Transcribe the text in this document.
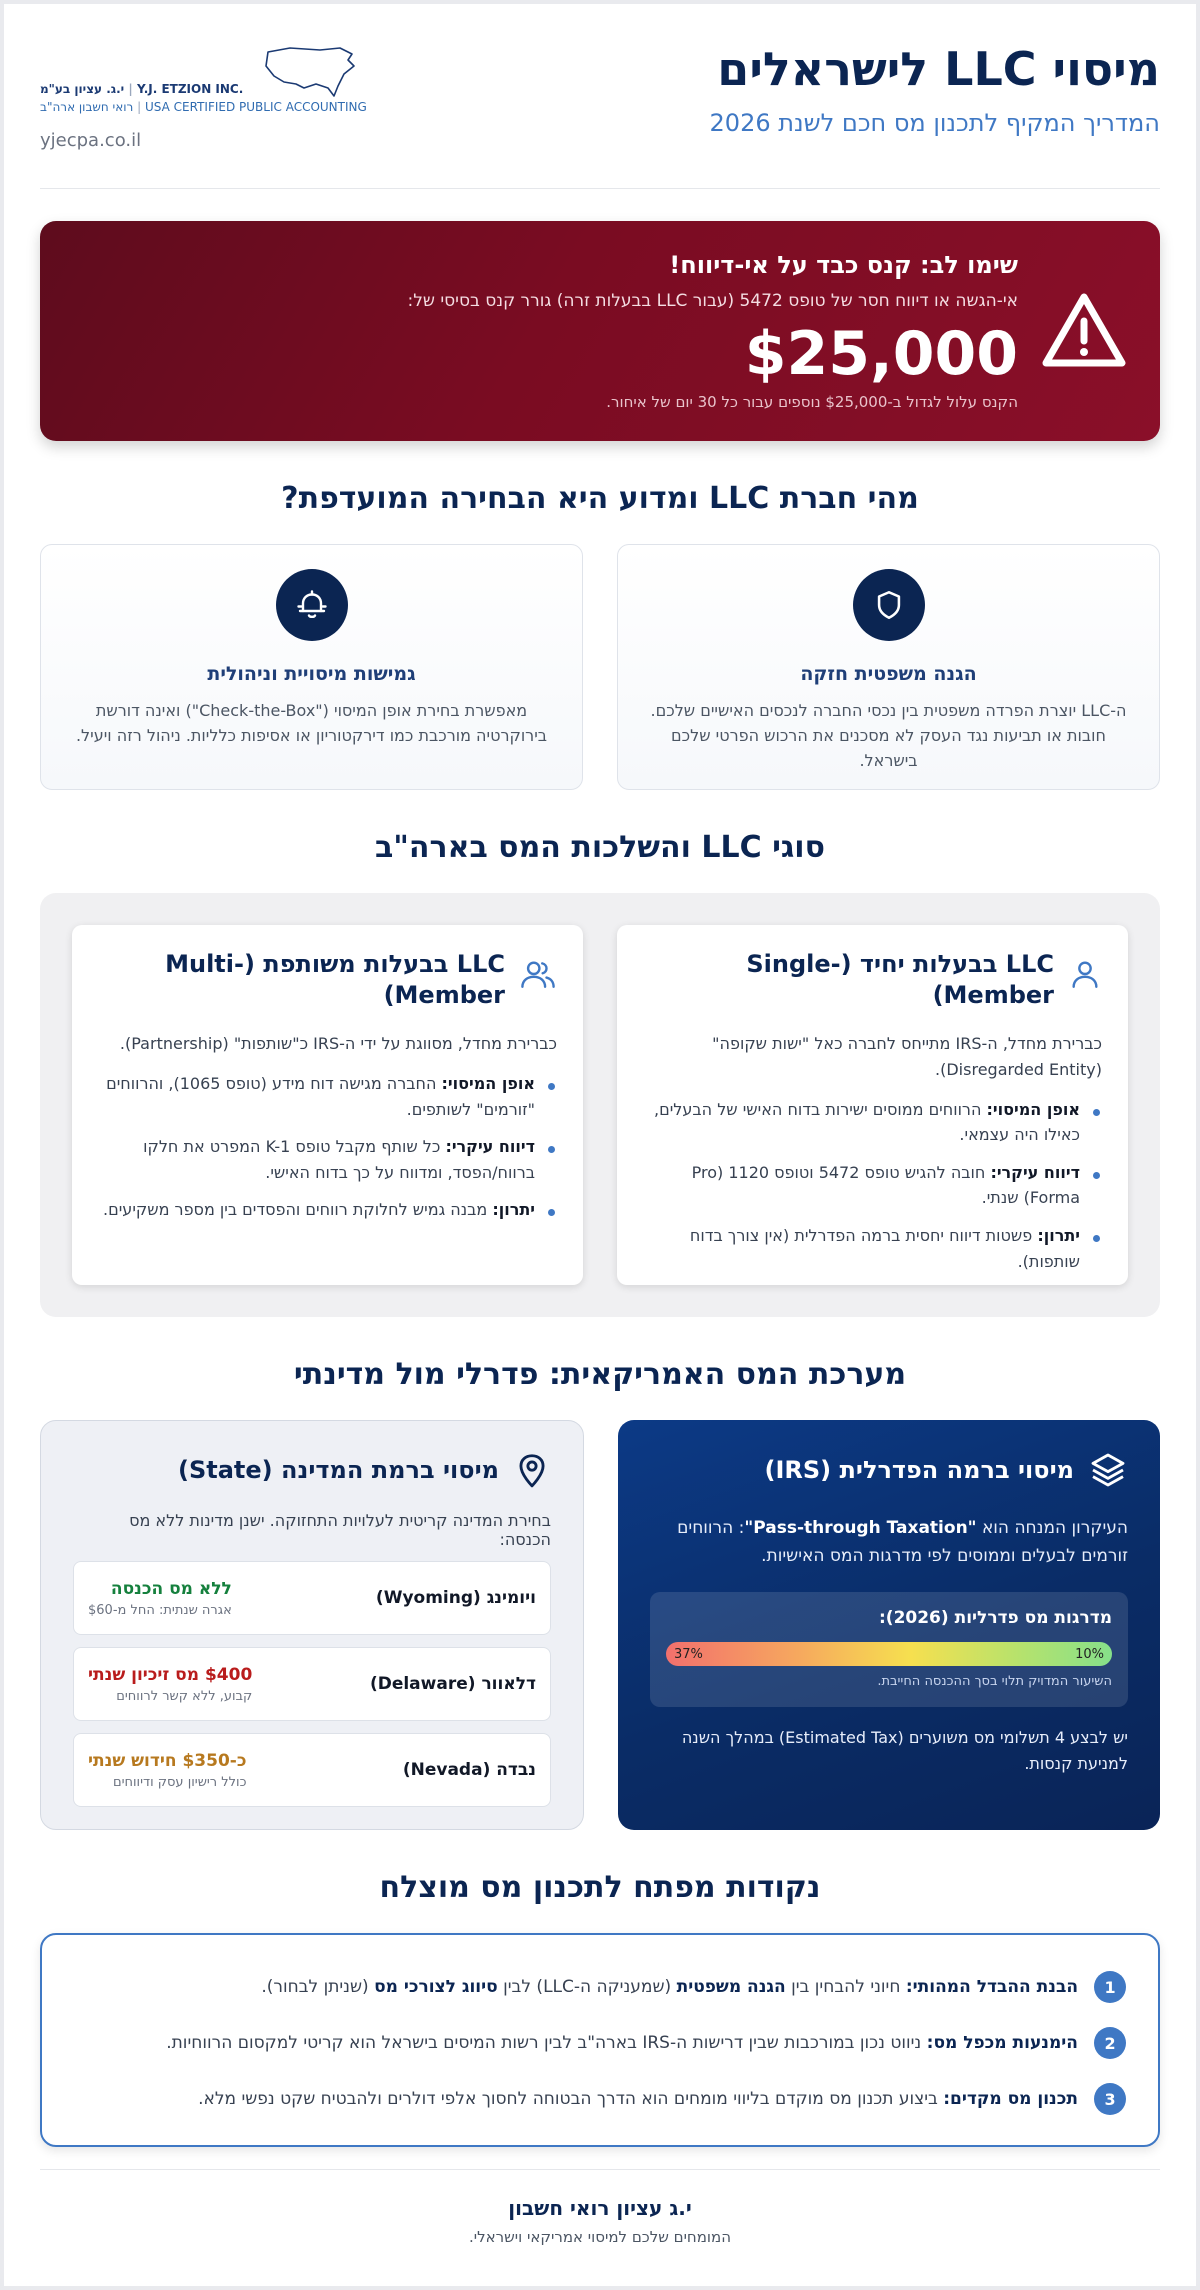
מיסוי LLC לישראלים
המדריך המקיף לתכנון מס חכם לשנת 2026
י.ג. עציון בע"מ | Y.J. ETZION INC.
רואי חשבון ארה"ב | USA CERTIFIED PUBLIC ACCOUNTING
yjecpa.co.il
שימו לב: קנס כבד על אי-דיווח!
אי-הגשה או דיווח חסר של טופס 5472 (עבור LLC בבעלות זרה) גורר קנס בסיסי של:
$25,000
הקנס עלול לגדול ב-$25,000 נוספים עבור כל 30 יום של איחור.
מהי חברת LLC ומדוע היא הבחירה המועדפת?
הגנה משפטית חזקה
ה-LLC יוצרת הפרדה משפטית בין נכסי החברה לנכסים האישיים שלכם. חובות או תביעות נגד העסק לא מסכנים את הרכוש הפרטי שלכם בישראל.
גמישות מיסויית וניהולית
מאפשרת בחירת אופן המיסוי ("Check-the-Box") ואינה דורשת בירוקרטיה מורכבת כמו דירקטוריון או אסיפות כלליות. ניהול רזה ויעיל.
סוגי LLC והשלכות המס בארה"ב
LLC בבעלות יחיד (Single-Member)
כברירת מחדל, ה-IRS מתייחס לחברה כאל "ישות שקופה" (Disregarded Entity).
אופן המיסוי: הרווחים ממוסים ישירות בדוח האישי של הבעלים, כאילו היה עצמאי.
דיווח עיקרי: חובה להגיש טופס 5472 וטופס 1120 (Pro Forma) שנתי.
יתרון: פשטות דיווח יחסית ברמה הפדרלית (אין צורך בדוח שותפות).
LLC בבעלות משותפת (Multi-Member)
כברירת מחדל, מסווגת על ידי ה-IRS כ"שותפות" (Partnership).
אופן המיסוי: החברה מגישה דוח מידע (טופס 1065), והרווחים "זורמים" לשותפים.
דיווח עיקרי: כל שותף מקבל טופס K-1 המפרט את חלקו ברווח/הפסד, ומדווח על כך בדוח האישי.
יתרון: מבנה גמיש לחלוקת רווחים והפסדים בין מספר משקיעים.
מערכת המס האמריקאית: פדרלי מול מדינתי
מיסוי ברמה הפדרלית (IRS)
העיקרון המנחה הוא "Pass-through Taxation": הרווחים זורמים לבעלים וממוסים לפי מדרגות המס האישיות.
מדרגות מס פדרליות (2026):
10%
37%
השיעור המדויק תלוי בסך ההכנסה החייבת.
יש לבצע 4 תשלומי מס משוערים (Estimated Tax) במהלך השנה למניעת קנסות.
מיסוי ברמת המדינה (State)
בחירת המדינה קריטית לעלויות התחזוקה. ישנן מדינות ללא מס הכנסה:
ויומינג (Wyoming)
ללא מס הכנסה
אגרה שנתית: החל מ-$60
דלאוור (Delaware)
$400 מס זיכיון שנתי
קבוע, ללא קשר לרווחים
נבדה (Nevada)
כ-$350 חידוש שנתי
כולל רישיון עסק ודיווחים
נקודות מפתח לתכנון מס מוצלח
1
הבנת ההבדל המהותי: חיוני להבחין בין הגנה משפטית (שמעניקה ה-LLC) לבין סיווג לצורכי מס (שניתן לבחור).
2
הימנעות מכפל מס: ניווט נכון במורכבות שבין דרישות ה-IRS בארה"ב לבין רשות המיסים בישראל הוא קריטי למקסום הרווחיות.
3
תכנון מס מקדים: ביצוע תכנון מס מוקדם בליווי מומחים הוא הדרך הבטוחה לחסוך אלפי דולרים ולהבטיח שקט נפשי מלא.
י.ג עציון רואי חשבון
המומחים שלכם למיסוי אמריקאי וישראלי.
